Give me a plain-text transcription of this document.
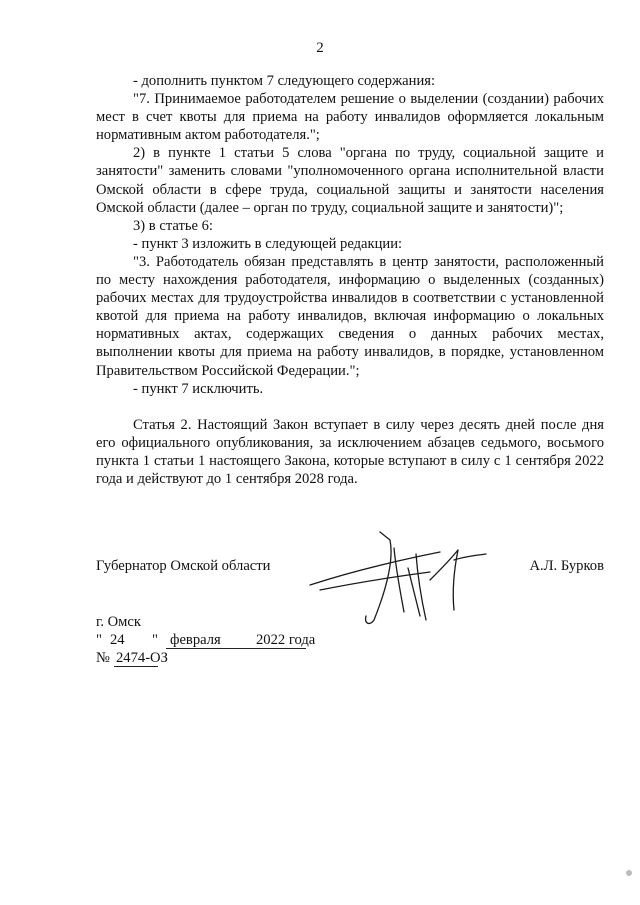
2

- дополнить пунктом 7 следующего содержания:

"7. Принимаемое работодателем решение о выделении (создании) рабочих мест в счет квоты для приема на работу инвалидов оформляется локальным нормативным актом работодателя.";

2) в пункте 1 статьи 5 слова "органа по труду, социальной защите и занятости" заменить словами "уполномоченного органа исполнительной власти Омской области в сфере труда, социальной защиты и занятости населения Омской области (далее – орган по труду, социальной защите и занятости)";

3) в статье 6:

- пункт 3 изложить в следующей редакции:

"3. Работодатель обязан представлять в центр занятости, расположенный по месту нахождения работодателя, информацию о выделенных (созданных) рабочих местах для трудоустройства инвалидов в соответствии с установленной квотой для приема на работу инвалидов, включая информацию о локальных нормативных актах, содержащих сведения о данных рабочих местах, выполнении квоты для приема на работу инвалидов, в порядке, установленном Правительством Российской Федерации.";

- пункт 7 исключить.

Статья 2. Настоящий Закон вступает в силу через десять дней после дня его официального опубликования, за исключением абзацев седьмого, восьмого пункта 1 статьи 1 настоящего Закона, которые вступают в силу с 1 сентября 2022 года и действуют до 1 сентября 2028 года.

Губернатор Омской области	А.Л. Бурков
г. Омск
" 24 " февраля 2022 года
№ 2474-ОЗ
